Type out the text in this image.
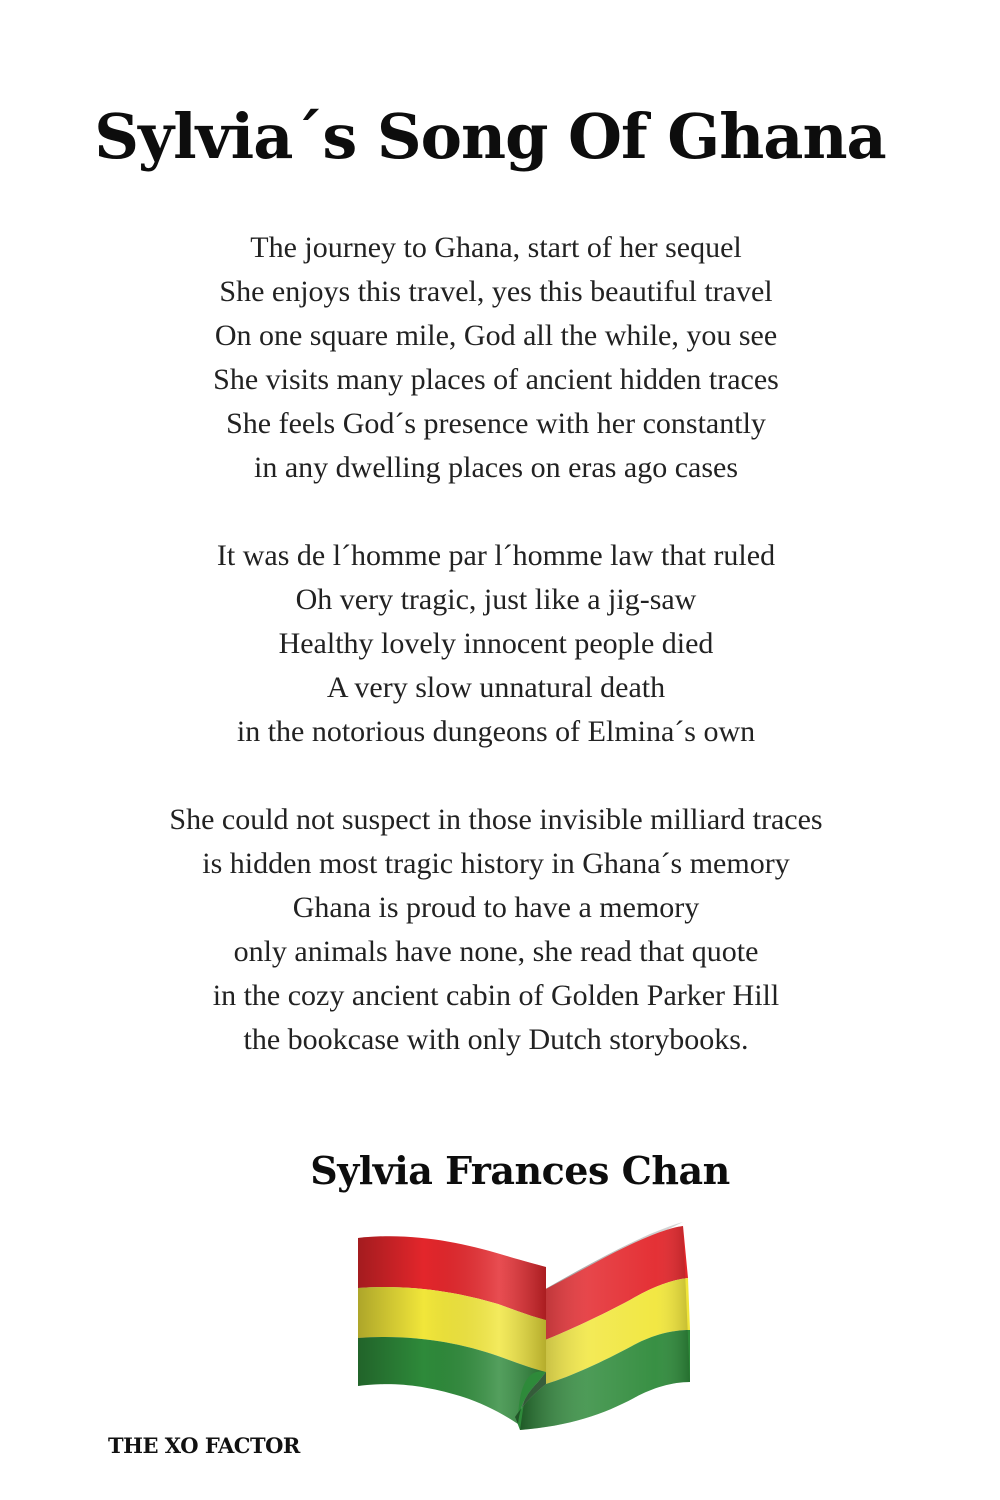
Sylvia´s Song Of Ghana
The journey to Ghana, start of her sequel
She enjoys this travel, yes this beautiful travel
On one square mile, God all the while, you see
She visits many places of ancient hidden traces
She feels God´s presence with her constantly
in any dwelling places on eras ago cases
It was de l´homme par l´homme law that ruled
Oh very tragic, just like a jig-saw
Healthy lovely innocent people died
A very slow unnatural death
in the notorious dungeons of Elmina´s own
She could not suspect in those invisible milliard traces
is hidden most tragic history in Ghana´s memory
Ghana is proud to have a memory
only animals have none, she read that quote
in the cozy ancient cabin of Golden Parker Hill
the bookcase with only Dutch storybooks.
Sylvia Frances Chan
THE XO FACTOR
